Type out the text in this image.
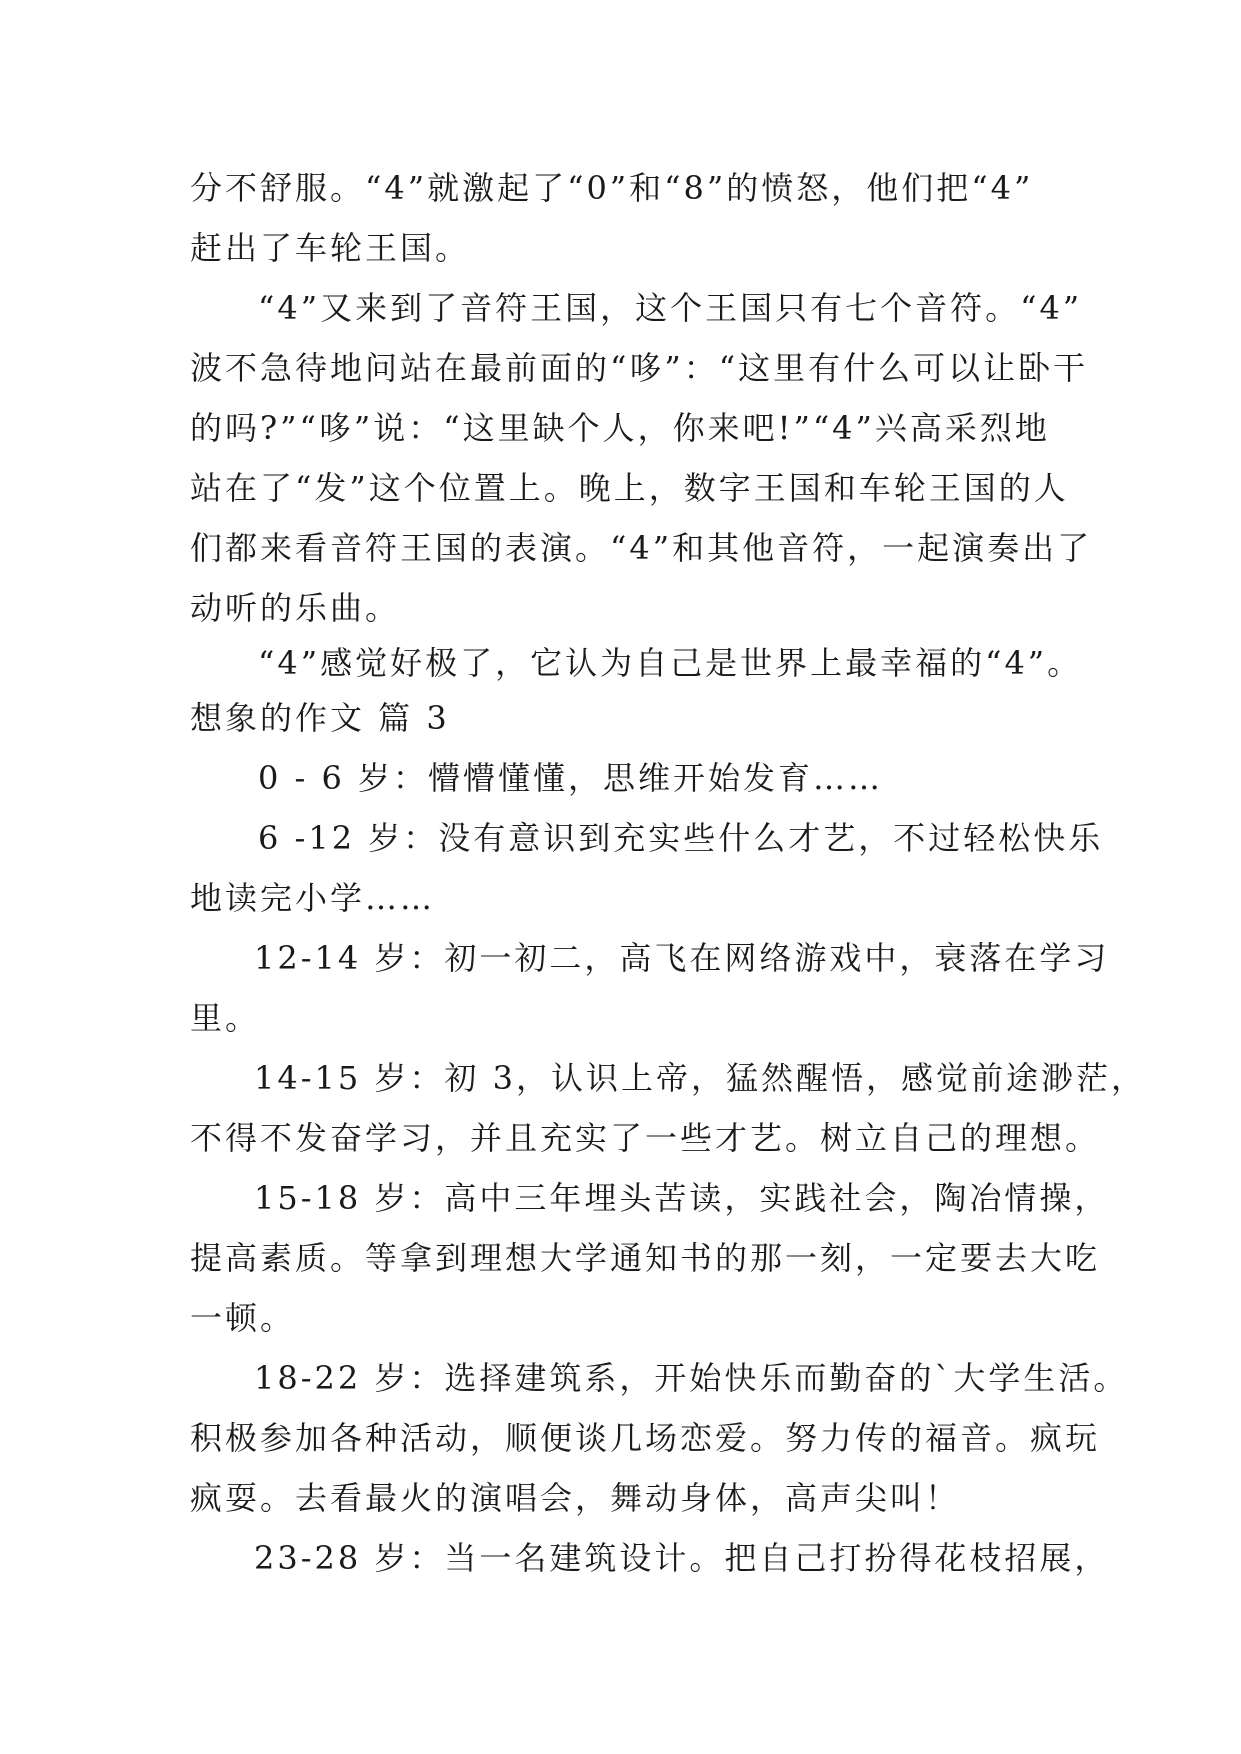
分不舒服。“4”就激起了“0”和“8”的愤怒，他们把“4”
赶出了车轮王国。
“4”又来到了音符王国，这个王国只有七个音符。“4”
波不急待地问站在最前面的“哆”：“这里有什么可以让卧干
的吗?”“哆”说：“这里缺个人，你来吧!”“4”兴高采烈地
站在了“发”这个位置上。晚上，数字王国和车轮王国的人
们都来看音符王国的表演。“4”和其他音符，一起演奏出了
动听的乐曲。
“4”感觉好极了，它认为自己是世界上最幸福的“4”。
想象的作文 篇 3
0 - 6 岁：懵懵懂懂，思维开始发育……
6 -12 岁：没有意识到充实些什么才艺，不过轻松快乐
地读完小学……
12-14 岁：初一初二，高飞在网络游戏中，衰落在学习
里。
14-15 岁：初 3，认识上帝，猛然醒悟，感觉前途渺茫，
不得不发奋学习，并且充实了一些才艺。树立自己的理想。
15-18 岁：高中三年埋头苦读，实践社会，陶冶情操，
提高素质。等拿到理想大学通知书的那一刻，一定要去大吃
一顿。
18-22 岁：选择建筑系，开始快乐而勤奋的`大学生活。
积极参加各种活动，顺便谈几场恋爱。努力传的福音。疯玩
疯耍。去看最火的演唱会，舞动身体，高声尖叫！
23-28 岁：当一名建筑设计。把自己打扮得花枝招展，
